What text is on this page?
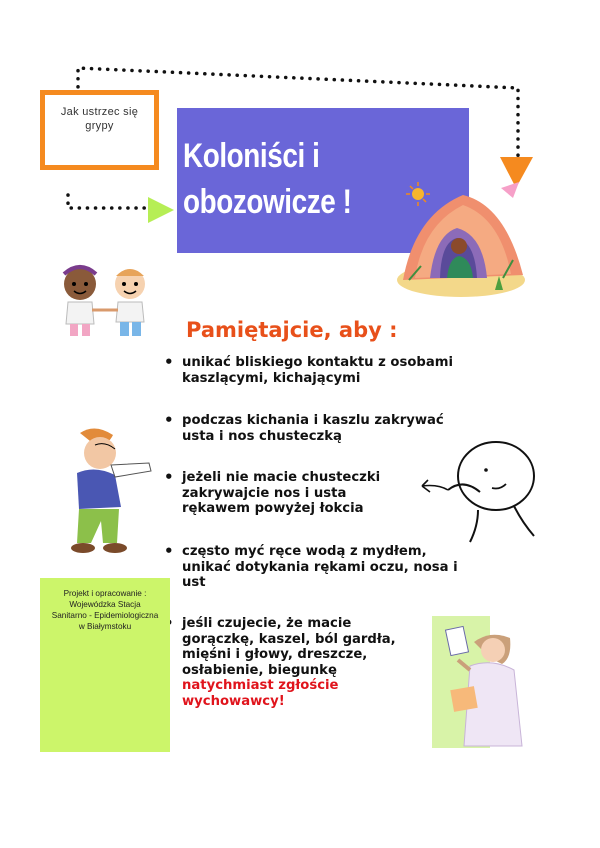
Jak ustrzec się
grypy
Koloniści i
obozowicze !
Pamiętajcie, aby :
• unikać bliskiego kontaktu z osobami
kaszlącymi, kichającymi
• podczas kichania i kaszlu zakrywać
usta i nos chusteczką
• jeżeli nie macie chusteczki
zakrywajcie nos i usta
rękawem powyżej łokcia
• często myć ręce wodą z mydłem,
unikać dotykania rękami oczu, nosa i
ust
• jeśli czujecie, że macie
gorączkę, kaszel, ból gardła,
mięśni i głowy, dreszcze,
osłabienie, biegunkę
natychmiast zgłoście
wychowawcy!
Projekt i opracowanie :
Wojewódzka Stacja
Sanitarno - Epidemiologiczna
w Białymstoku
